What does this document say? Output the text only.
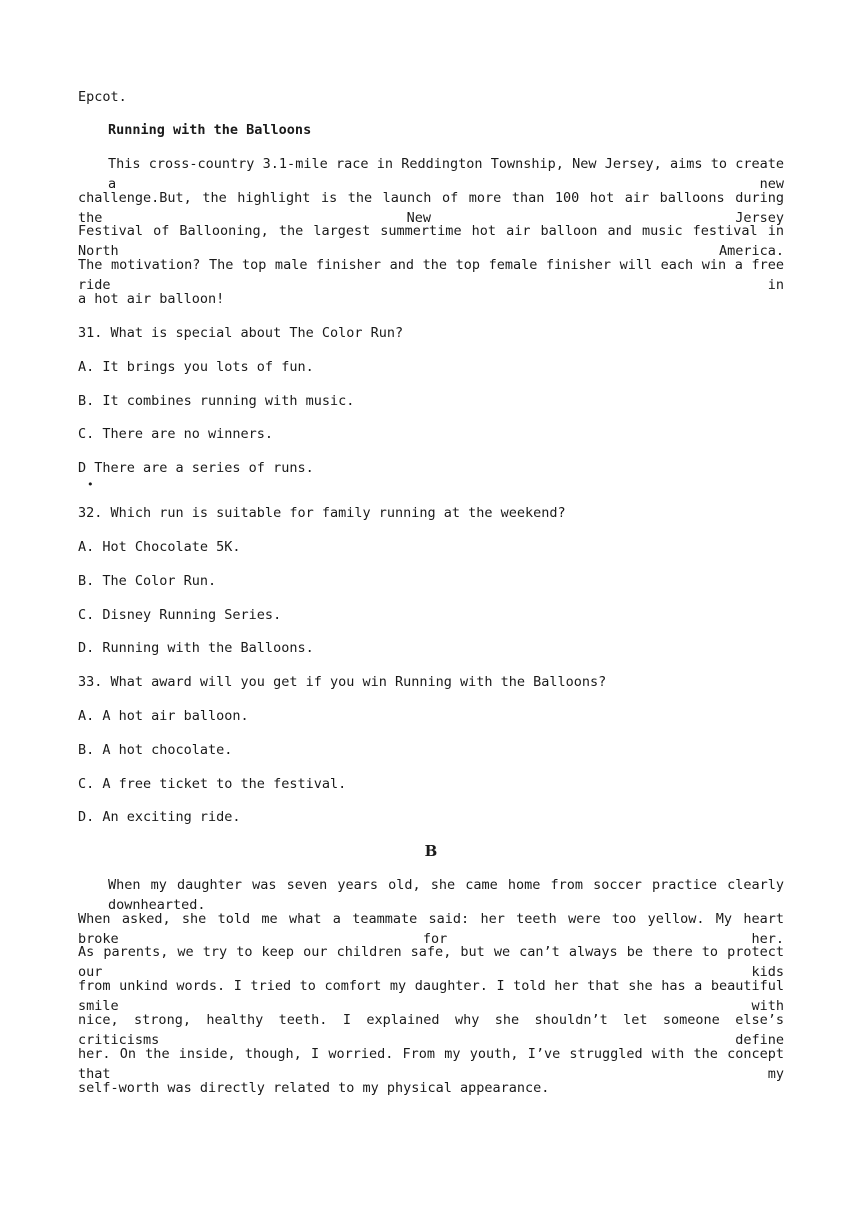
Epcot.
Running with the Balloons
This cross-country 3.1-mile race in Reddington Township, New Jersey, aims to create a new
challenge.But, the highlight is the launch of more than 100 hot air balloons during the New Jersey
Festival of Ballooning, the largest summertime hot air balloon and music festival in North America.
The motivation? The top male finisher and the top female finisher will each win a free ride in
a hot air balloon!
31. What is special about The Color Run?
A. It brings you lots of fun.
B. It combines running with music.
C. There are no winners.
D There are a series of runs.
•
32. Which run is suitable for family running at the weekend?
A. Hot Chocolate 5K.
B. The Color Run.
C. Disney Running Series.
D. Running with the Balloons.
33. What award will you get if you win Running with the Balloons?
A. A hot air balloon.
B. A hot chocolate.
C. A free ticket to the festival.
D. An exciting ride.
B
When my daughter was seven years old, she came home from soccer practice clearly downhearted.
When asked, she told me what a teammate said: her teeth were too yellow. My heart broke for her.
As parents, we try to keep our children safe, but we can’t always be there to protect our kids
from unkind words. I tried to comfort my daughter. I told her that she has a beautiful smile with
nice, strong, healthy teeth. I explained why she shouldn’t let someone else’s criticisms define
her. On the inside, though, I worried. From my youth, I’ve struggled with the concept that my
self-worth was directly related to my physical appearance.
